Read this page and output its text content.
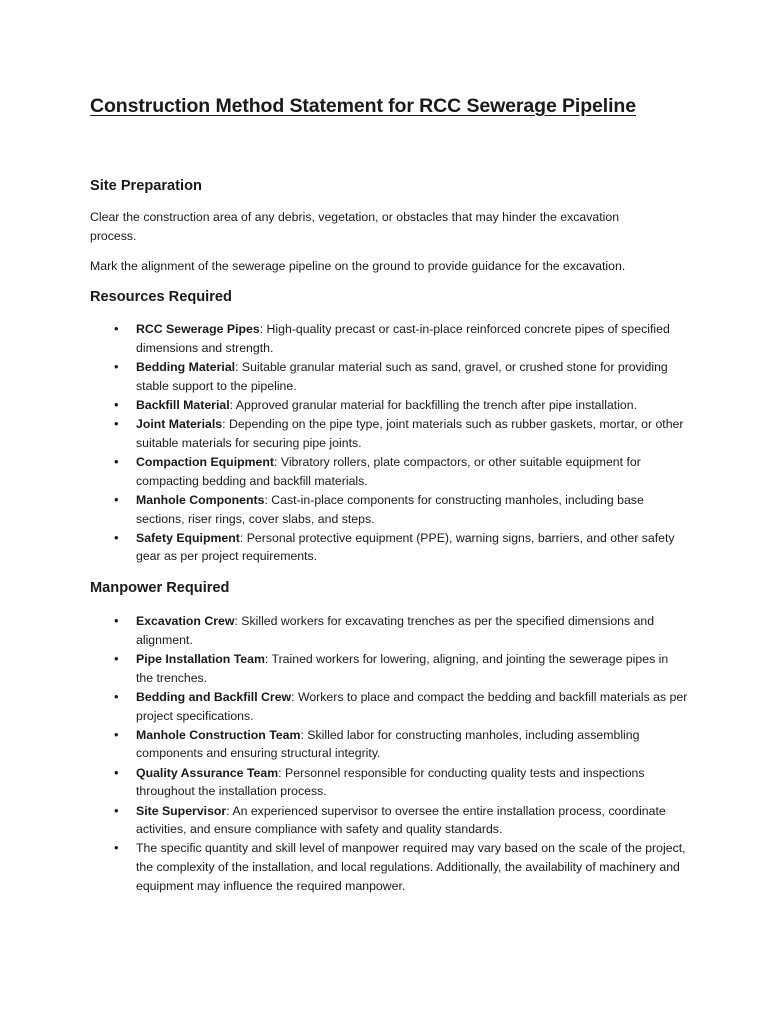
Construction Method Statement for RCC Sewerage Pipeline
Site Preparation

Clear the construction area of any debris, vegetation, or obstacles that may hinder the excavation process.

Mark the alignment of the sewerage pipeline on the ground to provide guidance for the excavation.

Resources Required
• RCC Sewerage Pipes: High-quality precast or cast-in-place reinforced concrete pipes of specified dimensions and strength.
• Bedding Material: Suitable granular material such as sand, gravel, or crushed stone for providing stable support to the pipeline.
• Backfill Material: Approved granular material for backfilling the trench after pipe installation.
• Joint Materials: Depending on the pipe type, joint materials such as rubber gaskets, mortar, or other suitable materials for securing pipe joints.
• Compaction Equipment: Vibratory rollers, plate compactors, or other suitable equipment for compacting bedding and backfill materials.
• Manhole Components: Cast-in-place components for constructing manholes, including base sections, riser rings, cover slabs, and steps.
• Safety Equipment: Personal protective equipment (PPE), warning signs, barriers, and other safety gear as per project requirements.
Manpower Required
• Excavation Crew: Skilled workers for excavating trenches as per the specified dimensions and alignment.
• Pipe Installation Team: Trained workers for lowering, aligning, and jointing the sewerage pipes in the trenches.
• Bedding and Backfill Crew: Workers to place and compact the bedding and backfill materials as per project specifications.
• Manhole Construction Team: Skilled labor for constructing manholes, including assembling components and ensuring structural integrity.
• Quality Assurance Team: Personnel responsible for conducting quality tests and inspections throughout the installation process.
• Site Supervisor: An experienced supervisor to oversee the entire installation process, coordinate activities, and ensure compliance with safety and quality standards.
• The specific quantity and skill level of manpower required may vary based on the scale of the project, the complexity of the installation, and local regulations. Additionally, the availability of machinery and equipment may influence the required manpower.
